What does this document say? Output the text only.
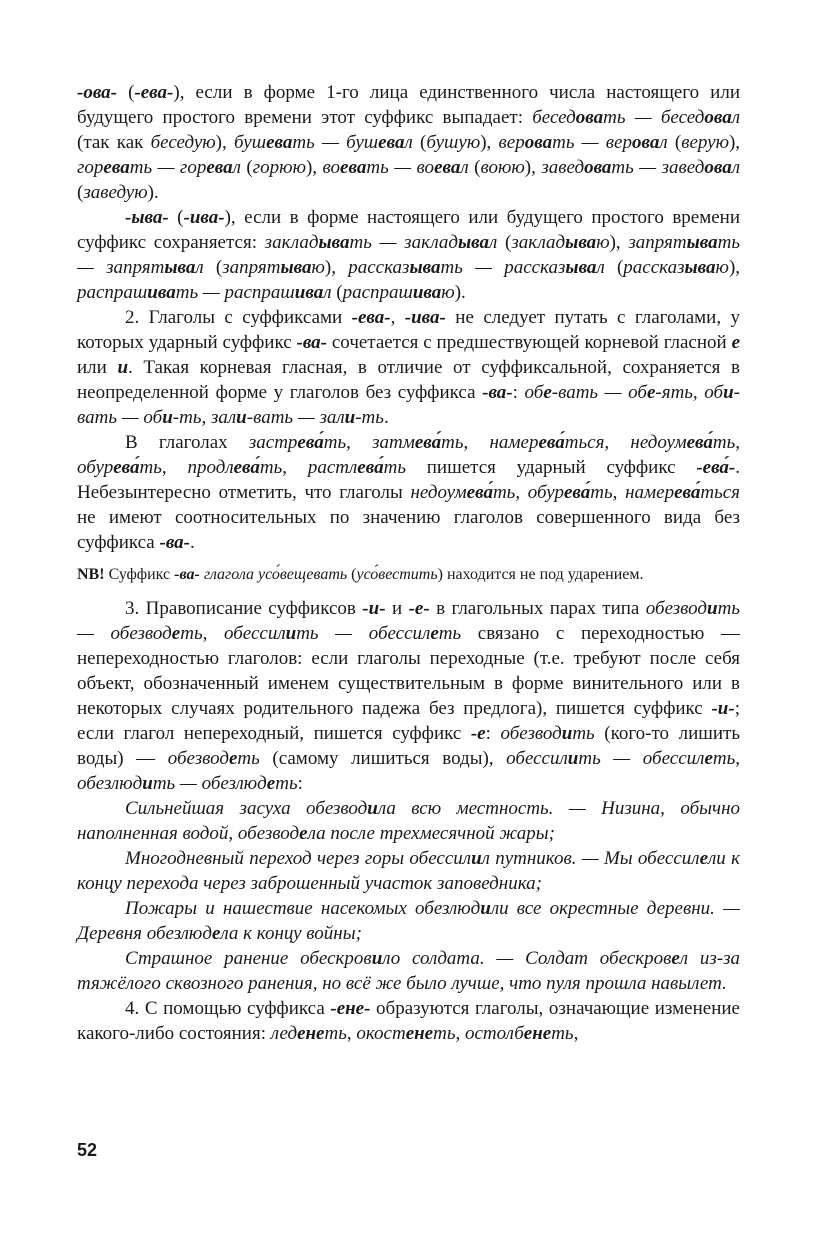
-ова- (-ева-), если в форме 1-го лица единственного числа настоящего или будущего простого времени этот суффикс выпадает: беседовать — беседовал (так как беседую), бушевать — бушевал (бушую), веровать — веровал (верую), горевать — горевал (горюю), воевать — воевал (воюю), заведовать — заведовал (заведую).

-ыва- (-ива-), если в форме настоящего или будущего простого времени суффикс сохраняется: закладывать — закладывал (закладываю), запрятывать — запрятывал (запрятываю), рассказывать — рассказывал (рассказываю), распрашивать — распрашивал (распрашиваю).

2. Глаголы с суффиксами -ева-, -ива- не следует путать с глаголами, у которых ударный суффикс -ва- сочетается с предшествующей корневой гласной е или и. Такая корневая гласная, в отличие от суффиксальной, сохраняется в неопределенной форме у глаголов без суффикса -ва-: обе-вать — обе-ять, оби-вать — оби-ть, зали-вать — зали-ть.

В глаголах застрева́ть, затмева́ть, намерева́ться, недоумева́ть, обурева́ть, продлева́ть, растлева́ть пишется ударный суффикс -ева́-. Небезынтересно отметить, что глаголы недоумева́ть, обурева́ть, намерева́ться не имеют соотносительных по значению глаголов совершенного вида без суффикса -ва-.

NB! Суффикс -ва- глагола усо́вещевать (усо́вестить) находится не под ударением.

3. Правописание суффиксов -и- и -е- в глагольных парах типа обезводить — обезводеть, обессилить — обессилеть связано с переходностью — непереходностью глаголов: если глаголы переходные (т.е. требуют после себя объект, обозначенный именем существительным в форме винительного или в некоторых случаях родительного падежа без предлога), пишется суффикс -и-; если глагол непереходный, пишется суффикс -е: обезводить (кого-то лишить воды) — обезводеть (самому лишиться воды), обессилить — обессилеть, обезлюдить — обезлюдеть:

Сильнейшая засуха обезводила всю местность. — Низина, обычно наполненная водой, обезводела после трехмесячной жары;

Многодневный переход через горы обессилил путников. — Мы обессилели к концу перехода через заброшенный участок заповедника;

Пожары и нашествие насекомых обезлюдили все окрестные деревни. — Деревня обезлюдела к концу войны;

Страшное ранение обескровило солдата. — Солдат обескровел из-за тяжёлого сквозного ранения, но всё же было лучше, что пуля прошла навылет.

4. С помощью суффикса -ене- образуются глаголы, означающие изменение какого-либо состояния: леденеть, окостенеть, остолбенеть,

52
